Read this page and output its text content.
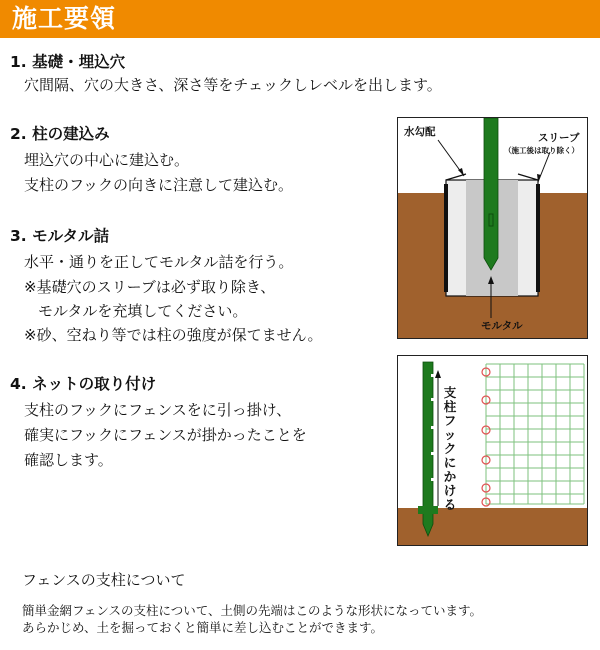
施工要領
1. 基礎・埋込穴
穴間隔、穴の大きさ、深さ等をチェックしレベルを出します。
2. 柱の建込み
埋込穴の中心に建込む。
支柱のフックの向きに注意して建込む。
3. モルタル詰
水平・通りを正してモルタル詰を行う。
※基礎穴のスリーブは必ず取り除き、
モルタルを充填してください。
※砂、空ねり等では柱の強度が保てません。
4. ネットの取り付け
支柱のフックにフェンスをに引っ掛け、
確実にフックにフェンスが掛かったことを
確認します。
水勾配	スリーブ
（施工後は取り除く）
モルタル
支柱フックにかける
フェンスの支柱について
簡単金網フェンスの支柱について、土側の先端はこのような形状になっています。
あらかじめ、土を掘っておくと簡単に差し込むことができます。
